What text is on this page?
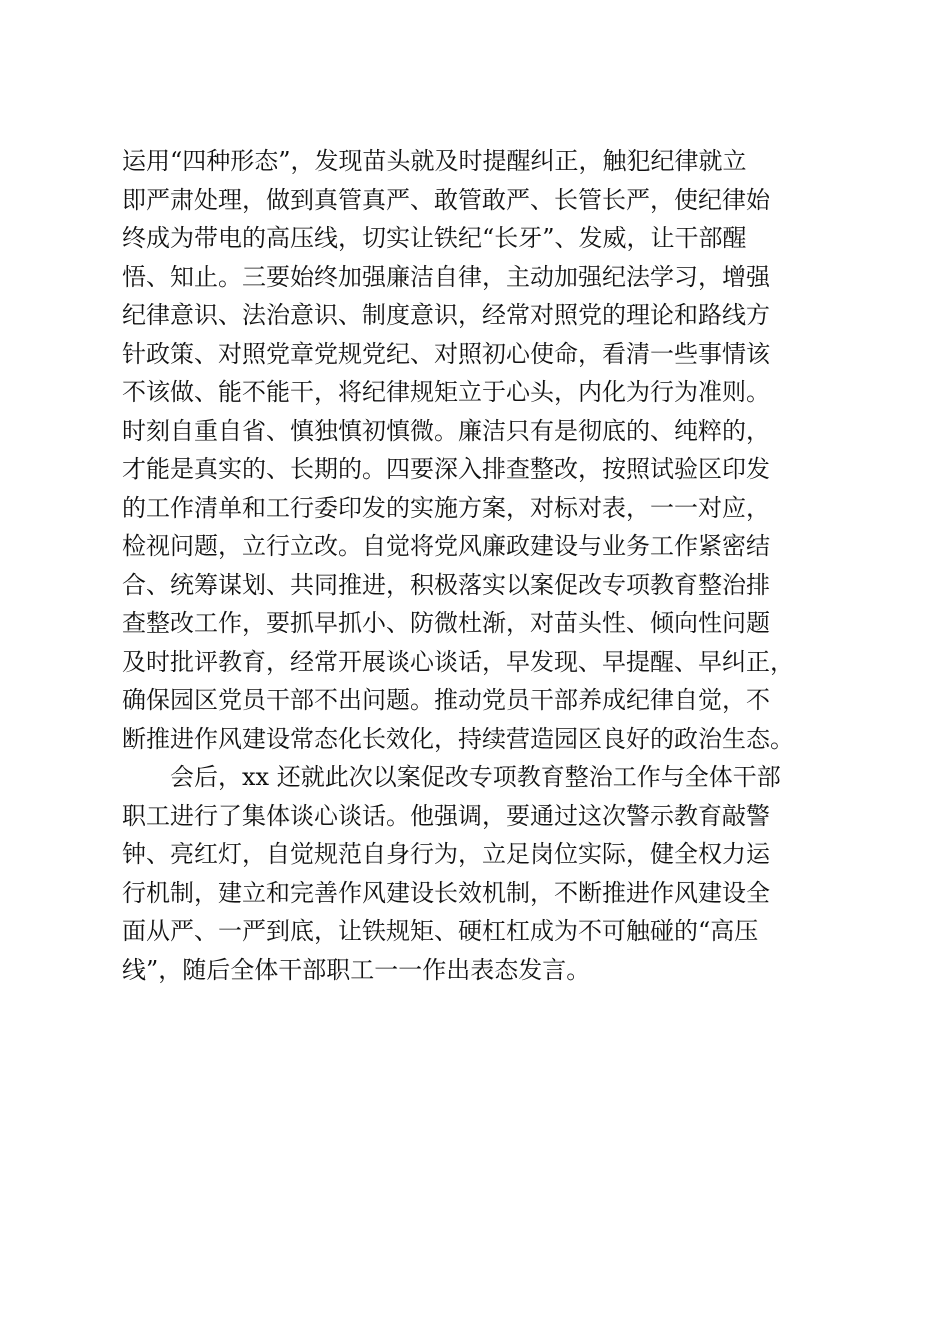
运用“四种形态”，发现苗头就及时提醒纠正，触犯纪律就立
即严肃处理，做到真管真严、敢管敢严、长管长严，使纪律始
终成为带电的高压线，切实让铁纪“长牙”、发威，让干部醒
悟、知止。三要始终加强廉洁自律，主动加强纪法学习，增强
纪律意识、法治意识、制度意识，经常对照党的理论和路线方
针政策、对照党章党规党纪、对照初心使命，看清一些事情该
不该做、能不能干，将纪律规矩立于心头，内化为行为准则。
时刻自重自省、慎独慎初慎微。廉洁只有是彻底的、纯粹的，
才能是真实的、长期的。四要深入排查整改，按照试验区印发
的工作清单和工行委印发的实施方案，对标对表，一一对应，
检视问题，立行立改。自觉将党风廉政建设与业务工作紧密结
合、统筹谋划、共同推进，积极落实以案促改专项教育整治排
查整改工作，要抓早抓小、防微杜渐，对苗头性、倾向性问题
及时批评教育，经常开展谈心谈话，早发现、早提醒、早纠正，
确保园区党员干部不出问题。推动党员干部养成纪律自觉，不
断推进作风建设常态化长效化，持续营造园区良好的政治生态。
　　会后，xx 还就此次以案促改专项教育整治工作与全体干部
职工进行了集体谈心谈话。他强调，要通过这次警示教育敲警
钟、亮红灯，自觉规范自身行为，立足岗位实际，健全权力运
行机制，建立和完善作风建设长效机制，不断推进作风建设全
面从严、一严到底，让铁规矩、硬杠杠成为不可触碰的“高压
线”，随后全体干部职工一一作出表态发言。
